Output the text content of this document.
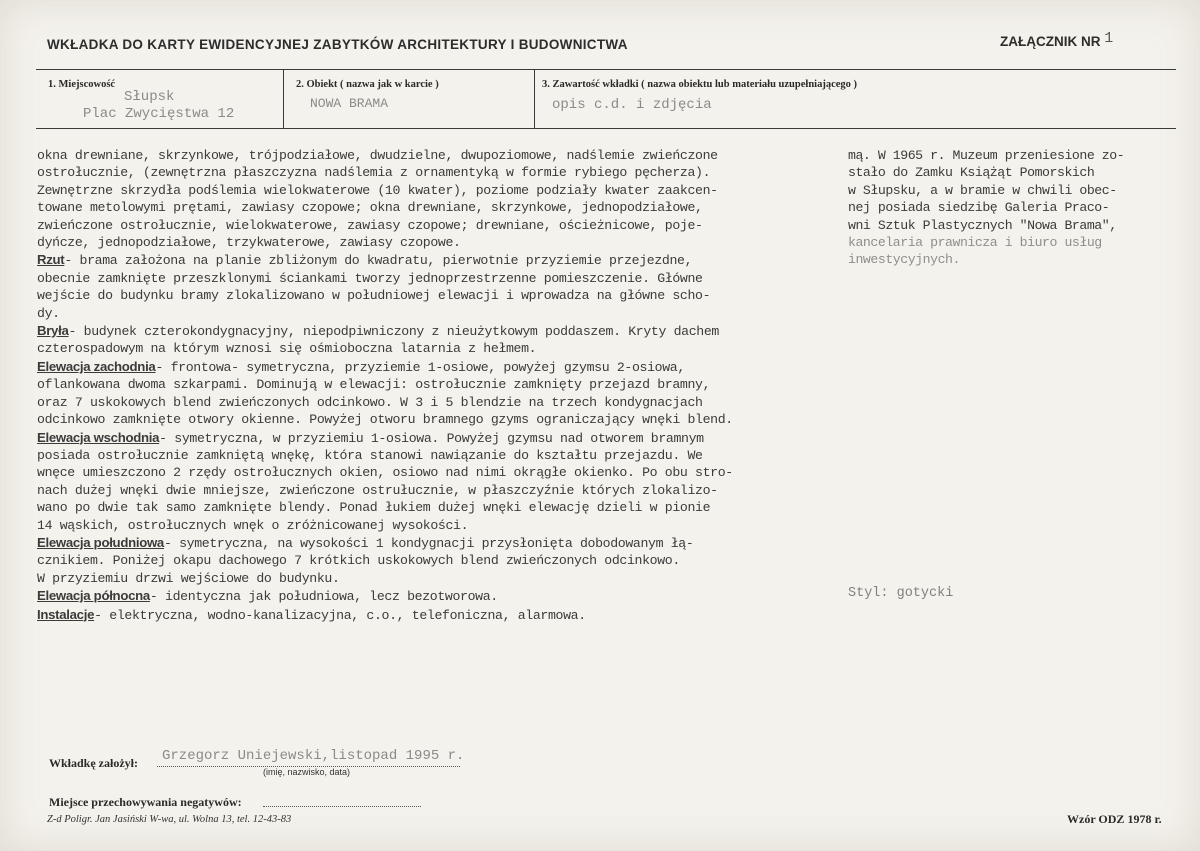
WKŁADKA DO KARTY EWIDENCYJNEJ ZABYTKÓW ARCHITEKTURY I BUDOWNICTWA	ZAŁĄCZNIK NR 1
1. Miejscowość
Słupsk
Plac Zwycięstwa 12
2. Obiekt ( nazwa jak w karcie )
NOWA BRAMA
3. Zawartość wkładki ( nazwa obiektu lub materiału uzupełniającego )
opis c.d. i zdjęcia

okna drewniane, skrzynkowe, trójpodziałowe, dwudzielne, dwupoziomowe, nadślemie zwieńczone

ostrołucznie, (zewnętrzna płaszczyzna nadślemia z ornamentyką w formie rybiego pęcherza).

Zewnętrzne skrzydła podślemia wielokwaterowe (10 kwater), poziome podziały kwater zaakcen-

towane metolowymi prętami, zawiasy czopowe; okna drewniane, skrzynkowe, jednopodziałowe,

zwieńczone ostrołucznie, wielokwaterowe, zawiasy czopowe; drewniane, ościeżnicowe, poje-

dyńcze, jednopodziałowe, trzykwaterowe, zawiasy czopowe.

Rzut- brama założona na planie zbliżonym do kwadratu, pierwotnie przyziemie przejezdne,

obecnie zamknięte przeszklonymi ściankami tworzy jednoprzestrzenne pomieszczenie. Główne

wejście do budynku bramy zlokalizowano w południowej elewacji i wprowadza na główne scho-

dy.

Bryła- budynek czterokondygnacyjny, niepodpiwniczony z nieużytkowym poddaszem. Kryty dachem

czterospadowym na którym wznosi się ośmioboczna latarnia z hełmem.

Elewacja zachodnia- frontowa- symetryczna, przyziemie 1-osiowe, powyżej gzymsu 2-osiowa,

oflankowana dwoma szkarpami. Dominują w elewacji: ostrołucznie zamknięty przejazd bramny,

oraz 7 uskokowych blend zwieńczonych odcinkowo. W 3 i 5 blendzie na trzech kondygnacjach

odcinkowo zamknięte otwory okienne. Powyżej otworu bramnego gzyms ograniczający wnęki blend.

Elewacja wschodnia- symetryczna, w przyziemiu 1-osiowa. Powyżej gzymsu nad otworem bramnym

posiada ostrołucznie zamkniętą wnękę, która stanowi nawiązanie do kształtu przejazdu. We

wnęce umieszczono 2 rzędy ostrołucznych okien, osiowo nad nimi okrągłe okienko. Po obu stro-

nach dużej wnęki dwie mniejsze, zwieńczone ostrułucznie, w płaszczyźnie których zlokalizo-

wano po dwie tak samo zamknięte blendy. Ponad łukiem dużej wnęki elewację dzieli w pionie

14 wąskich, ostrołucznych wnęk o zróżnicowanej wysokości.

Elewacja południowa- symetryczna, na wysokości 1 kondygnacji przysłonięta dobodowanym łą-

cznikiem. Poniżej okapu dachowego 7 krótkich uskokowych blend zwieńczonych odcinkowo.

W przyziemiu drzwi wejściowe do budynku.

Elewacja północna- identyczna jak południowa, lecz bezotworowa.

Instalacje- elektryczna, wodno-kanalizacyjna, c.o., telefoniczna, alarmowa.

mą. W 1965 r. Muzeum przeniesione zo-

stało do Zamku Książąt Pomorskich

w Słupsku, a w bramie w chwili obec-

nej posiada siedzibę Galeria Praco-

wni Sztuk Plastycznych "Nowa Brama",

kancelaria prawnicza i biuro usług

inwestycyjnych.

Styl: gotycki
Wkładkę założył: Grzegorz Uniejewski,listopad 1995 r.
(imię, nazwisko, data)
Miejsce przechowywania negatywów:
Z-d Poligr. Jan Jasiński W-wa, ul. Wolna 13, tel. 12-43-83	Wzór ODZ 1978 r.
